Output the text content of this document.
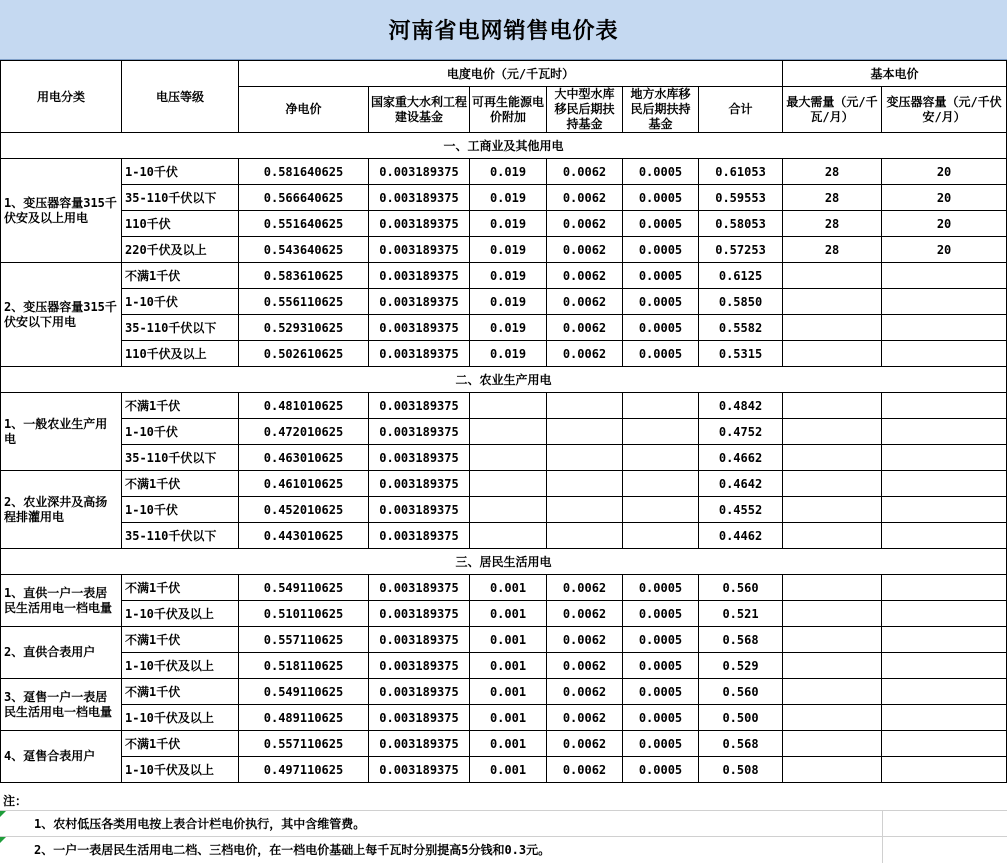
河南省电网销售电价表
用电分类	电压等级	电度电价（元/千瓦时）						基本电价	
		净电价	国家重大水利工程建设基金	可再生能源电价附加	大中型水库移民后期扶持基金	地方水库移民后期扶持基金	合计	最大需量（元/千瓦/月）	变压器容量（元/千伏安/月）
一、工商业及其他用电									
1、变压器容量315千伏安及以上用电	1-10千伏	0.581640625	0.003189375	0.019	0.0062	0.0005	0.61053	28	20
	35-110千伏以下	0.566640625	0.003189375	0.019	0.0062	0.0005	0.59553	28	20
	110千伏	0.551640625	0.003189375	0.019	0.0062	0.0005	0.58053	28	20
	220千伏及以上	0.543640625	0.003189375	0.019	0.0062	0.0005	0.57253	28	20
2、变压器容量315千伏安以下用电	不满1千伏	0.583610625	0.003189375	0.019	0.0062	0.0005	0.6125		
	1-10千伏	0.556110625	0.003189375	0.019	0.0062	0.0005	0.5850		
	35-110千伏以下	0.529310625	0.003189375	0.019	0.0062	0.0005	0.5582		
	110千伏及以上	0.502610625	0.003189375	0.019	0.0062	0.0005	0.5315		
二、农业生产用电									
1、一般农业生产用电	不满1千伏	0.481010625	0.003189375				0.4842		
	1-10千伏	0.472010625	0.003189375				0.4752		
	35-110千伏以下	0.463010625	0.003189375				0.4662		
2、农业深井及高扬程排灌用电	不满1千伏	0.461010625	0.003189375				0.4642		
	1-10千伏	0.452010625	0.003189375				0.4552		
	35-110千伏以下	0.443010625	0.003189375				0.4462		
三、居民生活用电									
1、直供一户一表居民生活用电一档电量	不满1千伏	0.549110625	0.003189375	0.001	0.0062	0.0005	0.560		
	1-10千伏及以上	0.510110625	0.003189375	0.001	0.0062	0.0005	0.521		
2、直供合表用户	不满1千伏	0.557110625	0.003189375	0.001	0.0062	0.0005	0.568		
	1-10千伏及以上	0.518110625	0.003189375	0.001	0.0062	0.0005	0.529		
3、趸售一户一表居民生活用电一档电量	不满1千伏	0.549110625	0.003189375	0.001	0.0062	0.0005	0.560		
	1-10千伏及以上	0.489110625	0.003189375	0.001	0.0062	0.0005	0.500		
4、趸售合表用户	不满1千伏	0.557110625	0.003189375	0.001	0.0062	0.0005	0.568		
	1-10千伏及以上	0.497110625	0.003189375	0.001	0.0062	0.0005	0.508		
注：
1、农村低压各类用电按上表合计栏电价执行，其中含维管费。
2、一户一表居民生活用电二档、三档电价，在一档电价基础上每千瓦时分别提高5分钱和0.3元。
